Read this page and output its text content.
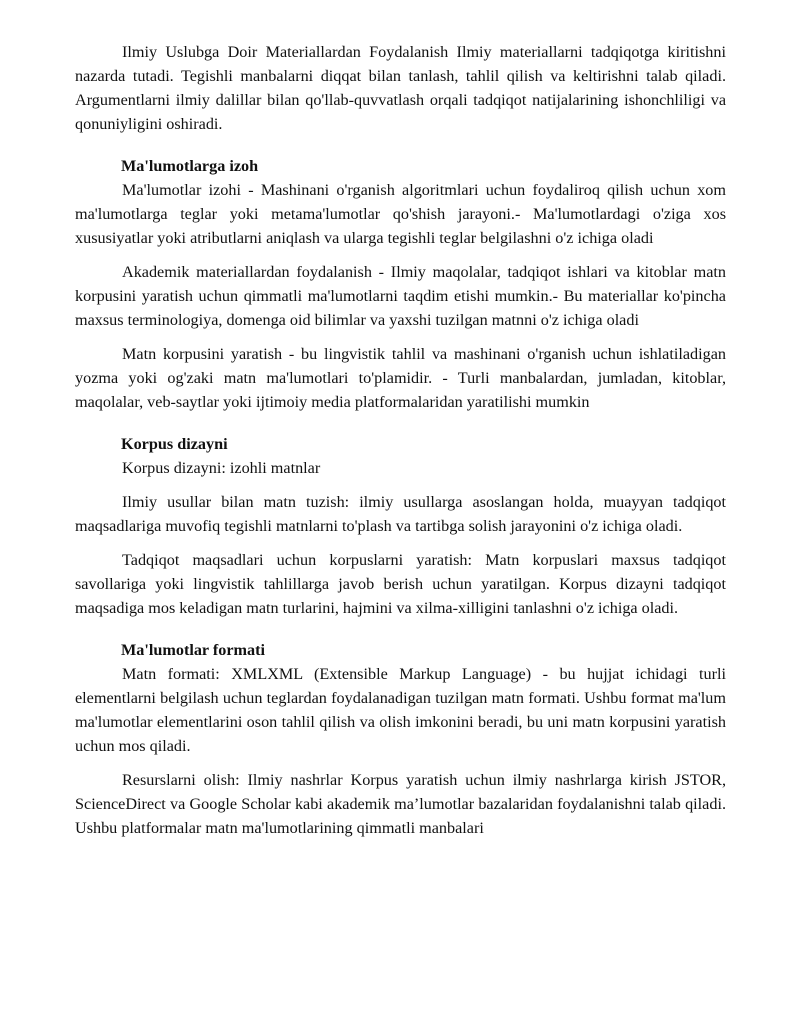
Ilmiy Uslubga Doir Materiallardan Foydalanish Ilmiy materiallarni tadqiqotga kiritishni nazarda tutadi. Tegishli manbalarni diqqat bilan tanlash, tahlil qilish va keltirishni talab qiladi. Argumentlarni ilmiy dalillar bilan qo'llab-quvvatlash orqali tadqiqot natijalarining ishonchliligi va qonuniyligini oshiradi.

Ma'lumotlarga izoh

Ma'lumotlar izohi - Mashinani o'rganish algoritmlari uchun foydaliroq qilish uchun xom ma'lumotlarga teglar yoki metama'lumotlar qo'shish jarayoni.- Ma'lumotlardagi o'ziga xos xususiyatlar yoki atributlarni aniqlash va ularga tegishli teglar belgilashni o'z ichiga oladi

Akademik materiallardan foydalanish - Ilmiy maqolalar, tadqiqot ishlari va kitoblar matn korpusini yaratish uchun qimmatli ma'lumotlarni taqdim etishi mumkin.- Bu materiallar ko'pincha maxsus terminologiya, domenga oid bilimlar va yaxshi tuzilgan matnni o'z ichiga oladi

Matn korpusini yaratish - bu lingvistik tahlil va mashinani o'rganish uchun ishlatiladigan yozma yoki og'zaki matn ma'lumotlari to'plamidir. - Turli manbalardan, jumladan, kitoblar, maqolalar, veb-saytlar yoki ijtimoiy media platformalaridan yaratilishi mumkin

Korpus dizayni

Korpus dizayni: izohli matnlar

Ilmiy usullar bilan matn tuzish: ilmiy usullarga asoslangan holda, muayyan tadqiqot maqsadlariga muvofiq tegishli matnlarni to'plash va tartibga solish jarayonini o'z ichiga oladi.

Tadqiqot maqsadlari uchun korpuslarni yaratish: Matn korpuslari maxsus tadqiqot savollariga yoki lingvistik tahlillarga javob berish uchun yaratilgan. Korpus dizayni tadqiqot maqsadiga mos keladigan matn turlarini, hajmini va xilma-xilligini tanlashni o'z ichiga oladi.

Ma'lumotlar formati

Matn formati: XMLXML (Extensible Markup Language) - bu hujjat ichidagi turli elementlarni belgilash uchun teglardan foydalanadigan tuzilgan matn formati. Ushbu format ma'lum ma'lumotlar elementlarini oson tahlil qilish va olish imkonini beradi, bu uni matn korpusini yaratish uchun mos qiladi.

Resurslarni olish: Ilmiy nashrlar Korpus yaratish uchun ilmiy nashrlarga kirish JSTOR, ScienceDirect va Google Scholar kabi akademik ma’lumotlar bazalaridan foydalanishni talab qiladi. Ushbu platformalar matn ma'lumotlarining qimmatli manbalari
